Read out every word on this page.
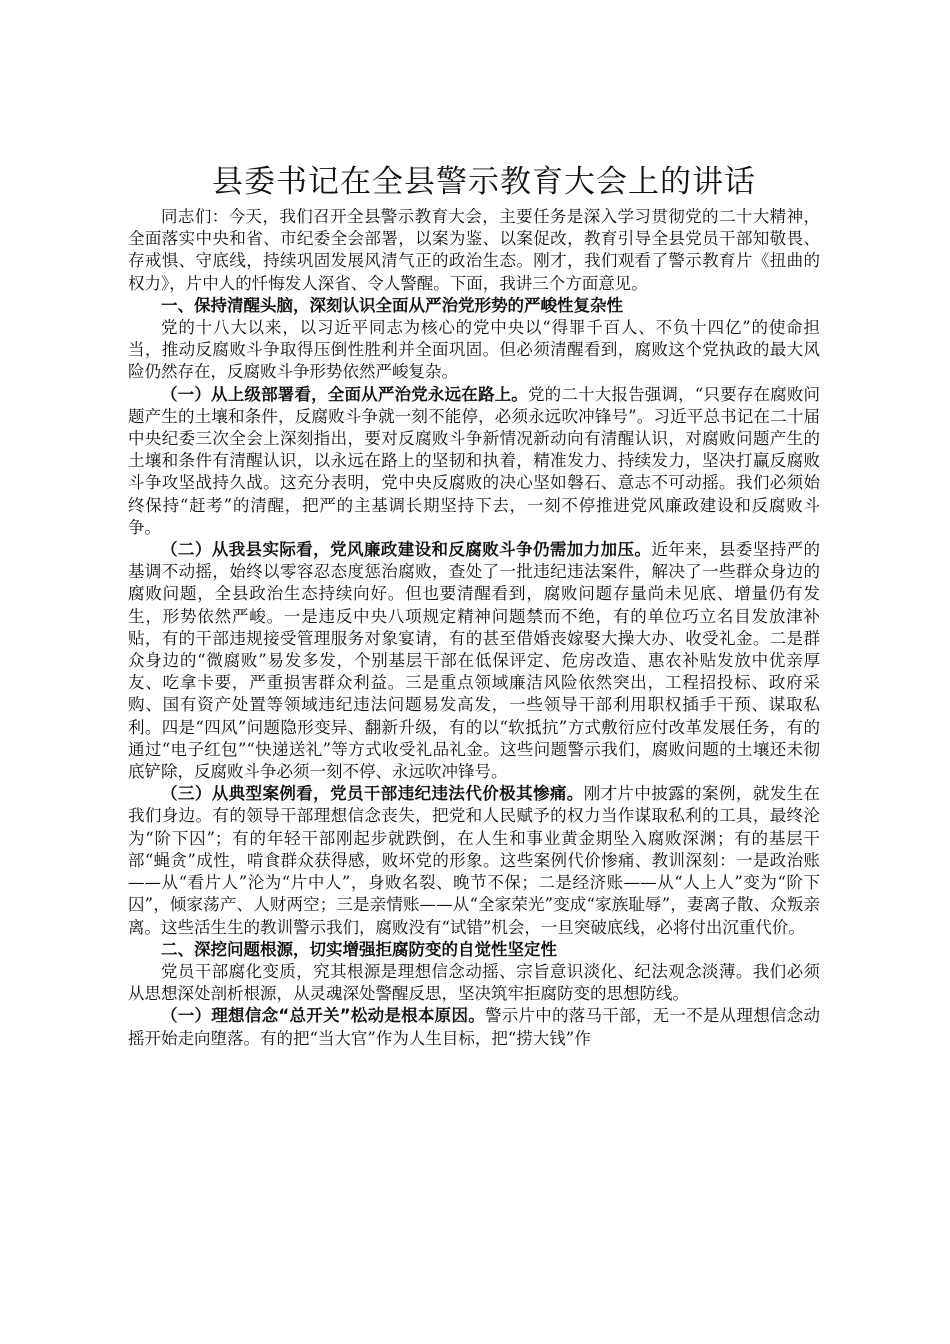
县委书记在全县警示教育大会上的讲话

同志们：今天，我们召开全县警示教育大会，主要任务是深入学习贯彻党的二十大精神，全面落实中央和省、市纪委全会部署，以案为鉴、以案促改，教育引导全县党员干部知敬畏、存戒惧、守底线，持续巩固发展风清气正的政治生态。刚才，我们观看了警示教育片《扭曲的权力》，片中人的忏悔发人深省、令人警醒。下面，我讲三个方面意见。

一、保持清醒头脑，深刻认识全面从严治党形势的严峻性复杂性

党的十八大以来，以习近平同志为核心的党中央以“得罪千百人、不负十四亿”的使命担当，推动反腐败斗争取得压倒性胜利并全面巩固。但必须清醒看到，腐败这个党执政的最大风险仍然存在，反腐败斗争形势依然严峻复杂。

（一）从上级部署看，全面从严治党永远在路上。党的二十大报告强调，“只要存在腐败问题产生的土壤和条件，反腐败斗争就一刻不能停，必须永远吹冲锋号”。习近平总书记在二十届中央纪委三次全会上深刻指出，要对反腐败斗争新情况新动向有清醒认识，对腐败问题产生的土壤和条件有清醒认识，以永远在路上的坚韧和执着，精准发力、持续发力，坚决打赢反腐败斗争攻坚战持久战。这充分表明，党中央反腐败的决心坚如磐石、意志不可动摇。我们必须始终保持“赶考”的清醒，把严的主基调长期坚持下去，一刻不停推进党风廉政建设和反腐败斗争。

（二）从我县实际看，党风廉政建设和反腐败斗争仍需加力加压。近年来，县委坚持严的基调不动摇，始终以零容忍态度惩治腐败，查处了一批违纪违法案件，解决了一些群众身边的腐败问题，全县政治生态持续向好。但也要清醒看到，腐败问题存量尚未见底、增量仍有发生，形势依然严峻。一是违反中央八项规定精神问题禁而不绝，有的单位巧立名目发放津补贴，有的干部违规接受管理服务对象宴请，有的甚至借婚丧嫁娶大操大办、收受礼金。二是群众身边的“微腐败”易发多发，个别基层干部在低保评定、危房改造、惠农补贴发放中优亲厚友、吃拿卡要，严重损害群众利益。三是重点领域廉洁风险依然突出，工程招投标、政府采购、国有资产处置等领域违纪违法问题易发高发，一些领导干部利用职权插手干预、谋取私利。四是“四风”问题隐形变异、翻新升级，有的以“软抵抗”方式敷衍应付改革发展任务，有的通过“电子红包”“快递送礼”等方式收受礼品礼金。这些问题警示我们，腐败问题的土壤还未彻底铲除，反腐败斗争必须一刻不停、永远吹冲锋号。

（三）从典型案例看，党员干部违纪违法代价极其惨痛。刚才片中披露的案例，就发生在我们身边。有的领导干部理想信念丧失，把党和人民赋予的权力当作谋取私利的工具，最终沦为“阶下囚”；有的年轻干部刚起步就跌倒，在人生和事业黄金期坠入腐败深渊；有的基层干部“蝇贪”成性，啃食群众获得感，败坏党的形象。这些案例代价惨痛、教训深刻：一是政治账——从“看片人”沦为“片中人”，身败名裂、晚节不保；二是经济账——从“人上人”变为“阶下囚”，倾家荡产、人财两空；三是亲情账——从“全家荣光”变成“家族耻辱”，妻离子散、众叛亲离。这些活生生的教训警示我们，腐败没有“试错”机会，一旦突破底线，必将付出沉重代价。

二、深挖问题根源，切实增强拒腐防变的自觉性坚定性

党员干部腐化变质，究其根源是理想信念动摇、宗旨意识淡化、纪法观念淡薄。我们必须从思想深处剖析根源，从灵魂深处警醒反思，坚决筑牢拒腐防变的思想防线。

（一）理想信念“总开关”松动是根本原因。警示片中的落马干部，无一不是从理想信念动摇开始走向堕落。有的把“当大官”作为人生目标，把“捞大钱”作
